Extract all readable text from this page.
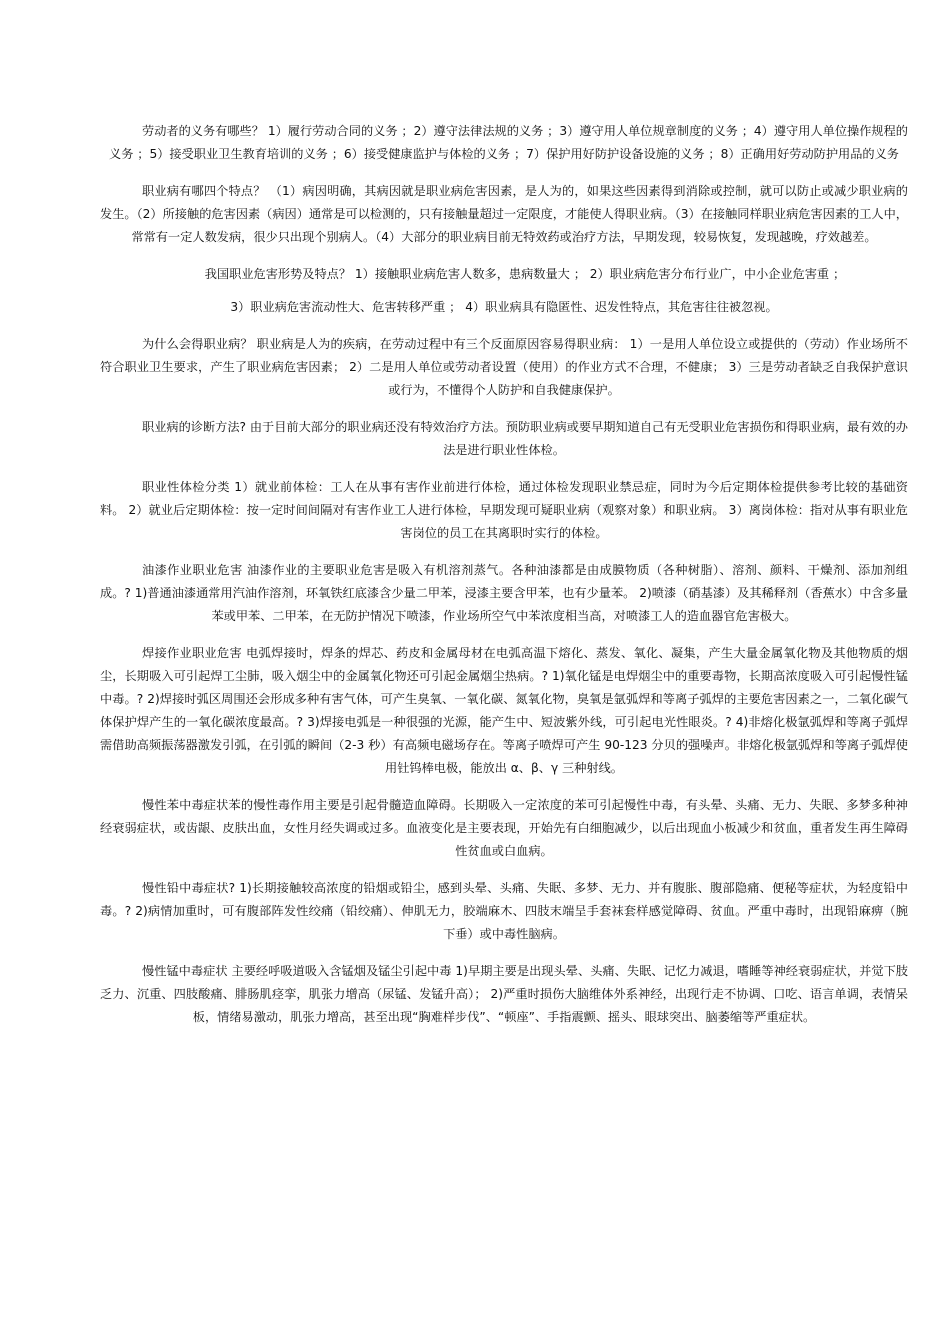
劳动者的义务有哪些？ 1）履行劳动合同的义务 ；2）遵守法律法规的义务 ；3）遵守用人单位规章制度的义务 ；4）遵守用人单位操作规程的义务 ；5）接受职业卫生教育培训的义务 ；6）接受健康监护与体检的义务 ；7）保护用好防护设备设施的义务 ；8）正确用好劳动防护用品的义务

职业病有哪四个特点？ （1）病因明确，其病因就是职业病危害因素，是人为的，如果这些因素得到消除或控制，就可以防止或减少职业病的发生。（2）所接触的危害因素（病因）通常是可以检测的，只有接触量超过一定限度，才能使人得职业病。（3）在接触同样职业病危害因素的工人中，常常有一定人数发病，很少只出现个别病人。（4）大部分的职业病目前无特效药或治疗方法，早期发现，较易恢复，发现越晚，疗效越差。

我国职业危害形势及特点？ 1）接触职业病危害人数多，患病数量大 ； 2）职业病危害分布行业广，中小企业危害重 ；

3）职业病危害流动性大、危害转移严重 ； 4）职业病具有隐匿性、迟发性特点，其危害往往被忽视。

为什么会得职业病？ 职业病是人为的疾病，在劳动过程中有三个反面原因容易得职业病： 1）一是用人单位设立或提供的（劳动）作业场所不符合职业卫生要求，产生了职业病危害因素； 2）二是用人单位或劳动者设置（使用）的作业方式不合理，不健康； 3）三是劳动者缺乏自我保护意识或行为，不懂得个人防护和自我健康保护。

职业病的诊断方法? 由于目前大部分的职业病还没有特效治疗方法。预防职业病或要早期知道自己有无受职业危害损伤和得职业病，最有效的办法是进行职业性体检。

职业性体检分类 1）就业前体检：工人在从事有害作业前进行体检，通过体检发现职业禁忌症，同时为今后定期体检提供参考比较的基础资料。 2）就业后定期体检：按一定时间间隔对有害作业工人进行体检，早期发现可疑职业病（观察对象）和职业病。 3）离岗体检：指对从事有职业危害岗位的员工在其离职时实行的体检。

油漆作业职业危害 油漆作业的主要职业危害是吸入有机溶剂蒸气。各种油漆都是由成膜物质（各种树脂）、溶剂、颜料、干燥剂、添加剂组成。? 1)普通油漆通常用汽油作溶剂，环氧铁红底漆含少量二甲苯，浸漆主要含甲苯，也有少量苯。 2)喷漆（硝基漆）及其稀释剂（香蕉水）中含多量苯或甲苯、二甲苯，在无防护情况下喷漆，作业场所空气中苯浓度相当高，对喷漆工人的造血器官危害极大。

焊接作业职业危害 电弧焊接时，焊条的焊芯、药皮和金属母材在电弧高温下熔化、蒸发、氧化、凝集，产生大量金属氧化物及其他物质的烟尘，长期吸入可引起焊工尘肺，吸入烟尘中的金属氧化物还可引起金属烟尘热病。? 1)氧化锰是电焊烟尘中的重要毒物，长期高浓度吸入可引起慢性锰中毒。? 2)焊接时弧区周围还会形成多种有害气体，可产生臭氧、一氧化碳、氮氧化物，臭氧是氩弧焊和等离子弧焊的主要危害因素之一，二氧化碳气体保护焊产生的一氧化碳浓度最高。? 3)焊接电弧是一种很强的光源，能产生中、短波紫外线，可引起电光性眼炎。? 4)非熔化极氩弧焊和等离子弧焊需借助高频振荡器激发引弧，在引弧的瞬间（2-3 秒）有高频电磁场存在。等离子喷焊可产生 90-123 分贝的强噪声。非熔化极氩弧焊和等离子弧焊使用钍钨棒电极，能放出 α、β、γ 三种射线。

慢性苯中毒症状苯的慢性毒作用主要是引起骨髓造血障碍。长期吸入一定浓度的苯可引起慢性中毒，有头晕、头痛、无力、失眠、多梦多种神经衰弱症状，或齿龈、皮肤出血，女性月经失调或过多。血液变化是主要表现，开始先有白细胞减少，以后出现血小板减少和贫血，重者发生再生障碍性贫血或白血病。

慢性铅中毒症状? 1)长期接触较高浓度的铅烟或铅尘，感到头晕、头痛、失眠、多梦、无力、并有腹胀、腹部隐痛、便秘等症状，为轻度铅中毒。? 2)病情加重时，可有腹部阵发性绞痛（铅绞痛）、伸肌无力，胶端麻木、四肢末端呈手套袜套样感觉障碍、贫血。严重中毒时，出现铅麻痹（腕下垂）或中毒性脑病。

慢性锰中毒症状 主要经呼吸道吸入含锰烟及锰尘引起中毒 1)早期主要是出现头晕、头痛、失眠、记忆力减退，嗜睡等神经衰弱症状，并觉下肢乏力、沉重、四肢酸痛、腓肠肌痉挛，肌张力增高（尿锰、发锰升高）； 2)严重时损伤大脑维体外系神经，出现行走不协调、口吃、语言单调，表情呆板，情绪易激动，肌张力增高，甚至出现“胸难样步伐”、“顿座”、手指震颤、摇头、眼球突出、脑萎缩等严重症状。
